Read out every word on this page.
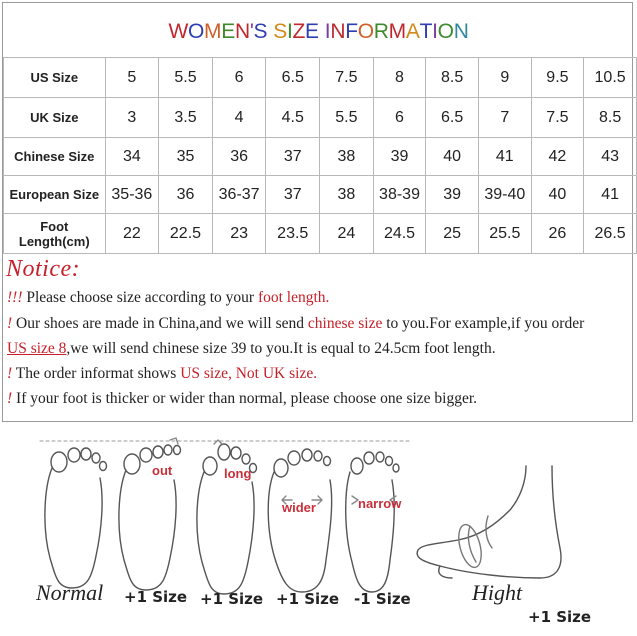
WOMEN'S SIZE INFORMATION
US Size	5	5.5	6	6.5	7.5	8	8.5	9	9.5	10.5
UK Size	3	3.5	4	4.5	5.5	6	6.5	7	7.5	8.5
Chinese Size	34	35	36	37	38	39	40	41	42	43
European Size	35-36	36	36-37	37	38	38-39	39	39-40	40	41

Foot
Length(cm)	22	22.5	23	23.5	24	24.5	25	25.5	26	26.5
Notice:
!!! Please choose size according to your foot length.
! Our shoes are made in China,and we will send chinese size to you.For example,if you order
US size 8,we will send chinese size 39 to you.It is equal to 24.5cm foot length.
! The order informat shows US size, Not UK size.
! If your foot is thicker or wider than normal, please choose one size bigger.
out	long
wider	narrow
Normal +1 Size +1 Size +1 Size -1 Size	Hight
+1 Size
